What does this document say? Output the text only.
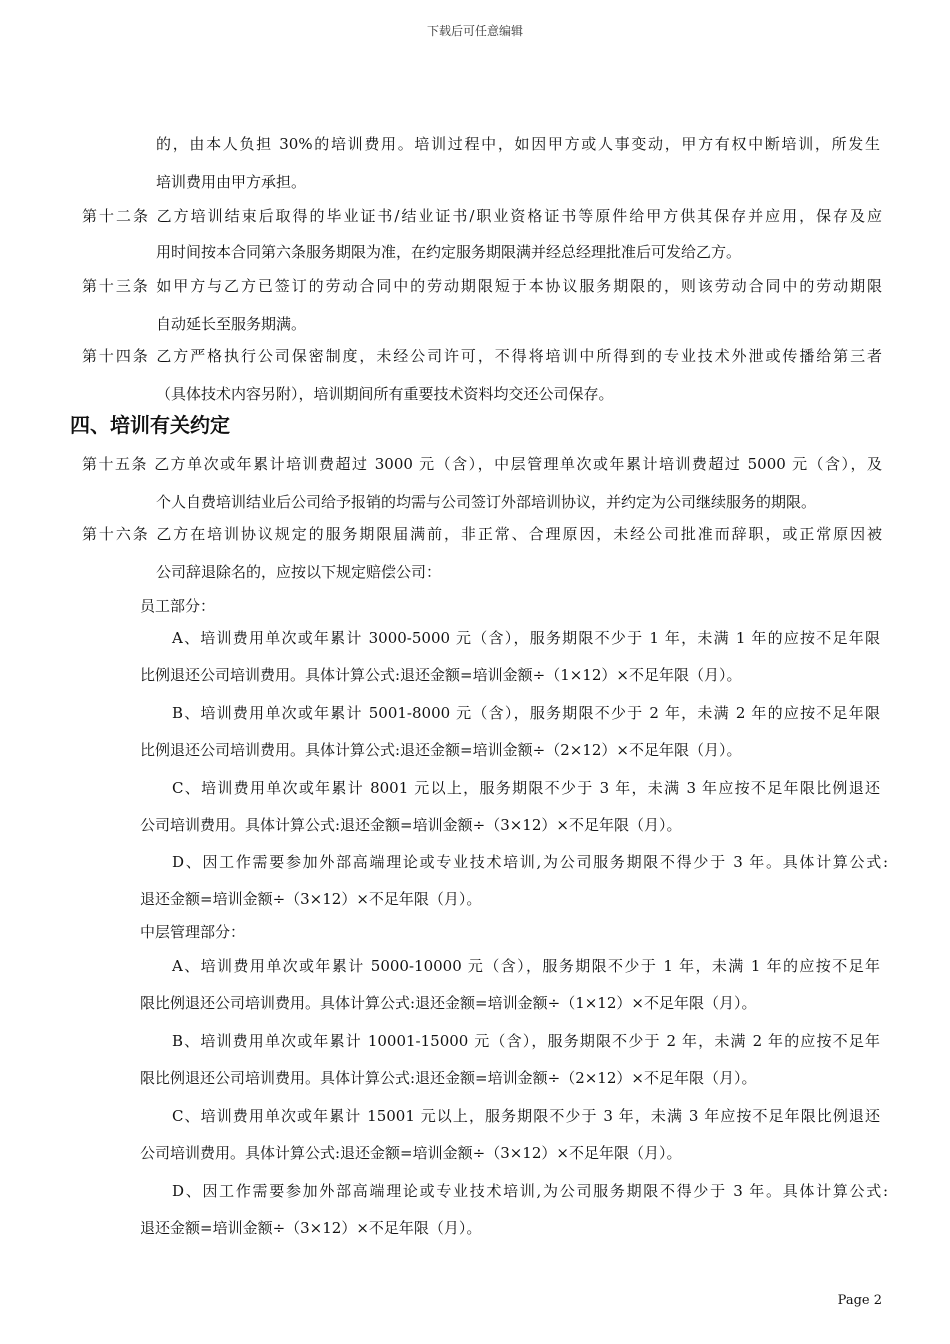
下载后可任意编辑
的，由本人负担 30%的培训费用。培训过程中，如因甲方或人事变动，甲方有权中断培训，所发生
培训费用由甲方承担。
第十二条 乙方培训结束后取得的毕业证书/结业证书/职业资格证书等原件给甲方供其保存并应用，保存及应
用时间按本合同第六条服务期限为准，在约定服务期限满并经总经理批准后可发给乙方。
第十三条 如甲方与乙方已签订的劳动合同中的劳动期限短于本协议服务期限的，则该劳动合同中的劳动期限
自动延长至服务期满。
第十四条 乙方严格执行公司保密制度，未经公司许可，不得将培训中所得到的专业技术外泄或传播给第三者
（具体技术内容另附），培训期间所有重要技术资料均交还公司保存。
四、培训有关约定
第十五条 乙方单次或年累计培训费超过 3000 元（含），中层管理单次或年累计培训费超过 5000 元（含），及
个人自费培训结业后公司给予报销的均需与公司签订外部培训协议，并约定为公司继续服务的期限。
第十六条 乙方在培训协议规定的服务期限届满前，非正常、合理原因，未经公司批准而辞职，或正常原因被
公司辞退除名的，应按以下规定赔偿公司：
员工部分：
A、培训费用单次或年累计 3000-5000 元（含），服务期限不少于 1 年，未满 1 年的应按不足年限
比例退还公司培训费用。具体计算公式:退还金额=培训金额÷（1×12）×不足年限（月）。
B、培训费用单次或年累计 5001-8000 元（含），服务期限不少于 2 年，未满 2 年的应按不足年限
比例退还公司培训费用。具体计算公式:退还金额=培训金额÷（2×12）×不足年限（月）。
C、培训费用单次或年累计 8001 元以上，服务期限不少于 3 年，未满 3 年应按不足年限比例退还
公司培训费用。具体计算公式:退还金额=培训金额÷（3×12）×不足年限（月）。
D、因工作需要参加外部高端理论或专业技术培训,为公司服务期限不得少于 3 年。具体计算公式:
退还金额=培训金额÷（3×12）×不足年限（月）。
中层管理部分：
A、培训费用单次或年累计 5000-10000 元（含），服务期限不少于 1 年，未满 1 年的应按不足年
限比例退还公司培训费用。具体计算公式:退还金额=培训金额÷（1×12）×不足年限（月）。
B、培训费用单次或年累计 10001-15000 元（含），服务期限不少于 2 年，未满 2 年的应按不足年
限比例退还公司培训费用。具体计算公式:退还金额=培训金额÷（2×12）×不足年限（月）。
C、培训费用单次或年累计 15001 元以上，服务期限不少于 3 年，未满 3 年应按不足年限比例退还
公司培训费用。具体计算公式:退还金额=培训金额÷（3×12）×不足年限（月）。
D、因工作需要参加外部高端理论或专业技术培训,为公司服务期限不得少于 3 年。具体计算公式:
退还金额=培训金额÷（3×12）×不足年限（月）。
Page 2
